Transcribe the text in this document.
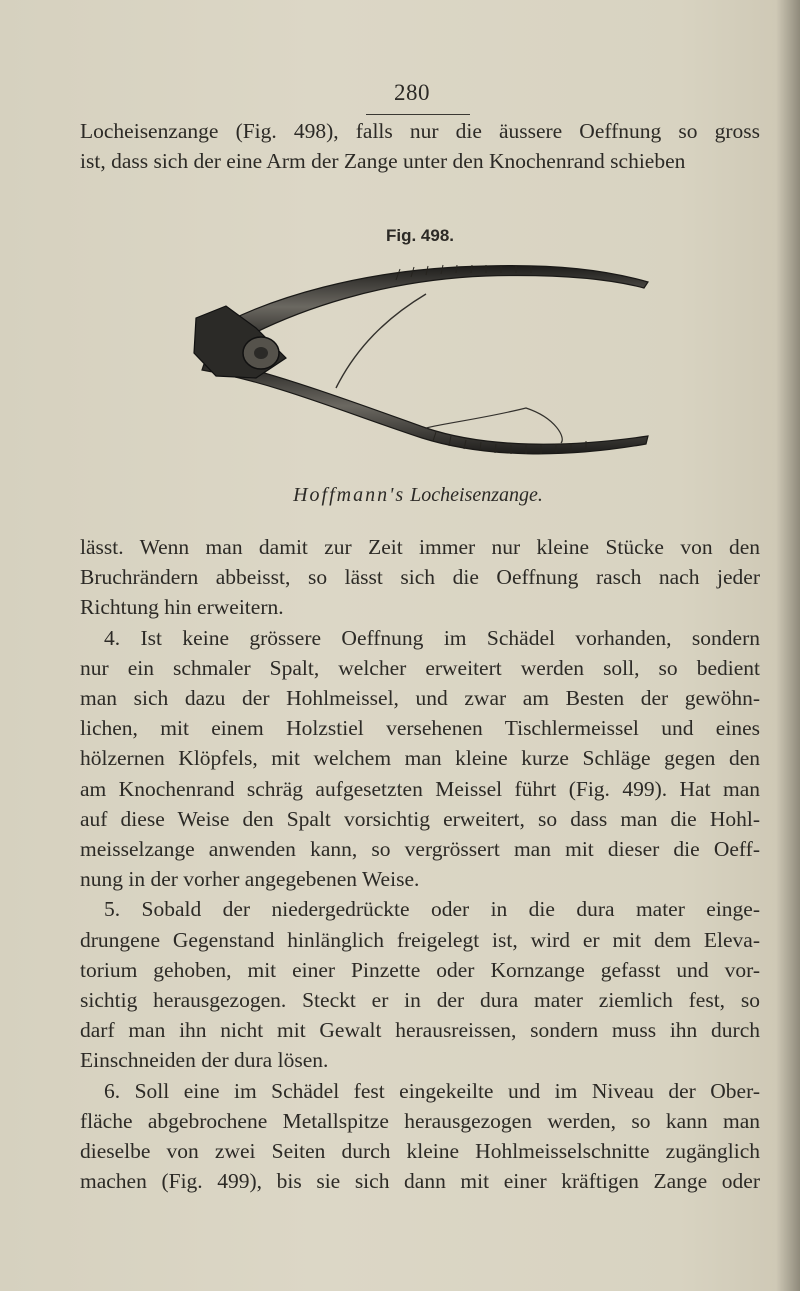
280

Locheisenzange (Fig. 498), falls nur die äussere Oeffnung so gross
ist, dass sich der eine Arm der Zange unter den Knochenrand schieben

Fig. 498.
Hoffmann's Locheisenzange.

lässt. Wenn man damit zur Zeit immer nur kleine Stücke von den
Bruchrändern abbeisst, so lässt sich die Oeffnung rasch nach jeder
Richtung hin erweitern.
4. Ist keine grössere Oeffnung im Schädel vorhanden, sondern
nur ein schmaler Spalt, welcher erweitert werden soll, so bedient
man sich dazu der Hohlmeissel, und zwar am Besten der gewöhn-
lichen, mit einem Holzstiel versehenen Tischlermeissel und eines
hölzernen Klöpfels, mit welchem man kleine kurze Schläge gegen den
am Knochenrand schräg aufgesetzten Meissel führt (Fig. 499). Hat man
auf diese Weise den Spalt vorsichtig erweitert, so dass man die Hohl-
meisselzange anwenden kann, so vergrössert man mit dieser die Oeff-
nung in der vorher angegebenen Weise.
5. Sobald der niedergedrückte oder in die dura mater einge-
drungene Gegenstand hinlänglich freigelegt ist, wird er mit dem Eleva-
torium gehoben, mit einer Pinzette oder Kornzange gefasst und vor-
sichtig herausgezogen. Steckt er in der dura mater ziemlich fest, so
darf man ihn nicht mit Gewalt herausreissen, sondern muss ihn durch
Einschneiden der dura lösen.
6. Soll eine im Schädel fest eingekeilte und im Niveau der Ober-
fläche abgebrochene Metallspitze herausgezogen werden, so kann man
dieselbe von zwei Seiten durch kleine Hohlmeisselschnitte zugänglich
machen (Fig. 499), bis sie sich dann mit einer kräftigen Zange oder
